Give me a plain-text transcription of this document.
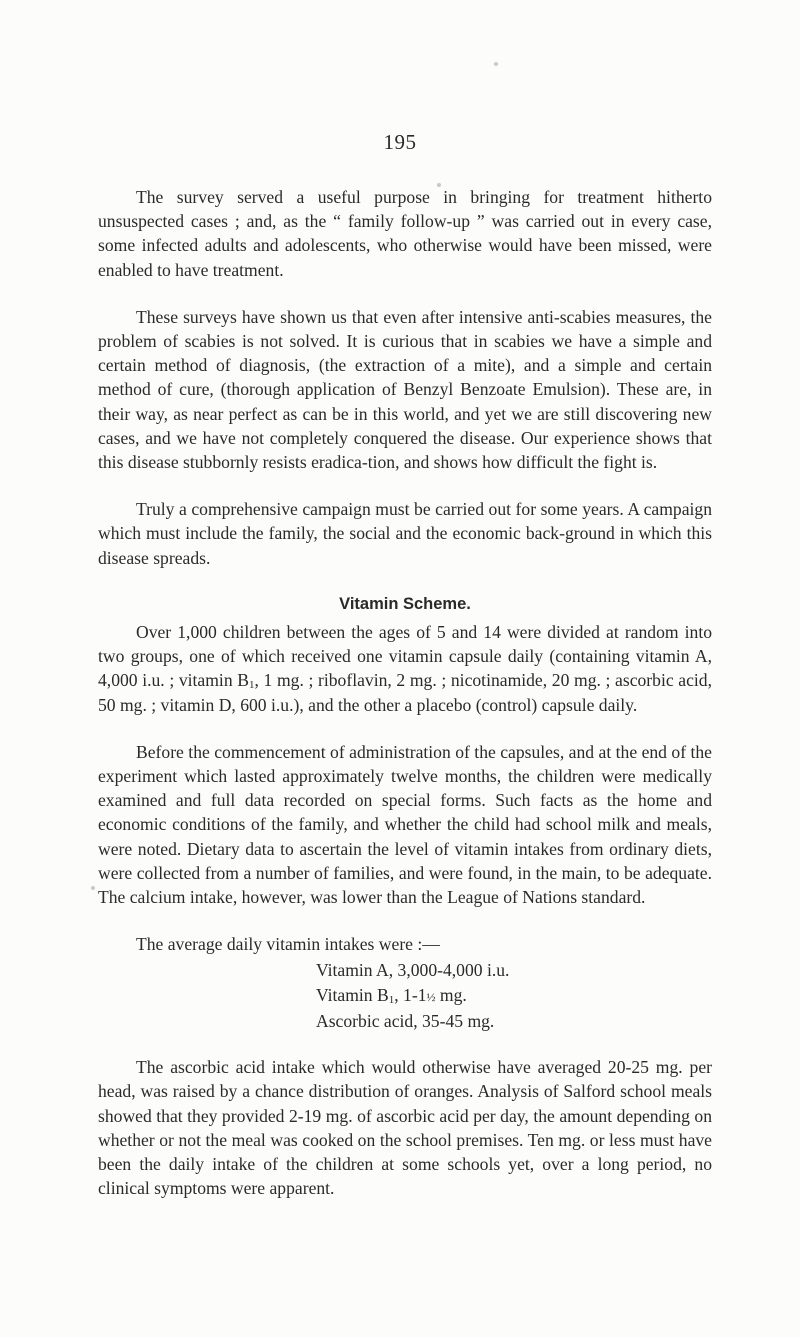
195

The survey served a useful purpose in bringing for treatment hitherto unsuspected cases ; and, as the “ family follow-up ” was carried out in every case, some infected adults and adolescents, who otherwise would have been missed, were enabled to have treatment.

These surveys have shown us that even after intensive anti-scabies measures, the problem of scabies is not solved. It is curious that in scabies we have a simple and certain method of diagnosis, (the extraction of a mite), and a simple and certain method of cure, (thorough application of Benzyl Benzoate Emulsion). These are, in their way, as near perfect as can be in this world, and yet we are still discovering new cases, and we have not completely conquered the disease. Our experience shows that this disease stubbornly resists eradica-tion, and shows how difficult the fight is.

Truly a comprehensive campaign must be carried out for some years. A campaign which must include the family, the social and the economic back-ground in which this disease spreads.

Vitamin Scheme.

Over 1,000 children between the ages of 5 and 14 were divided at random into two groups, one of which received one vitamin capsule daily (containing vitamin A, 4,000 i.u. ; vitamin $B_1$, 1 mg. ; riboflavin, 2 mg. ; nicotinamide, 20 mg. ; ascorbic acid, 50 mg. ; vitamin D, 600 i.u.), and the other a placebo (control) capsule daily.

Before the commencement of administration of the capsules, and at the end of the experiment which lasted approximately twelve months, the children were medically examined and full data recorded on special forms. Such facts as the home and economic conditions of the family, and whether the child had school milk and meals, were noted. Dietary data to ascertain the level of vitamin intakes from ordinary diets, were collected from a number of families, and were found, in the main, to be adequate. The calcium intake, however, was lower than the League of Nations standard.

The average daily vitamin intakes were :—

Vitamin A, 3,000-4,000 i.u.

Vitamin $B_1$, 1-1½ mg.

Ascorbic acid, 35-45 mg.

The ascorbic acid intake which would otherwise have averaged 20-25 mg. per head, was raised by a chance distribution of oranges. Analysis of Salford school meals showed that they provided 2-19 mg. of ascorbic acid per day, the amount depending on whether or not the meal was cooked on the school premises. Ten mg. or less must have been the daily intake of the children at some schools yet, over a long period, no clinical symptoms were apparent.
